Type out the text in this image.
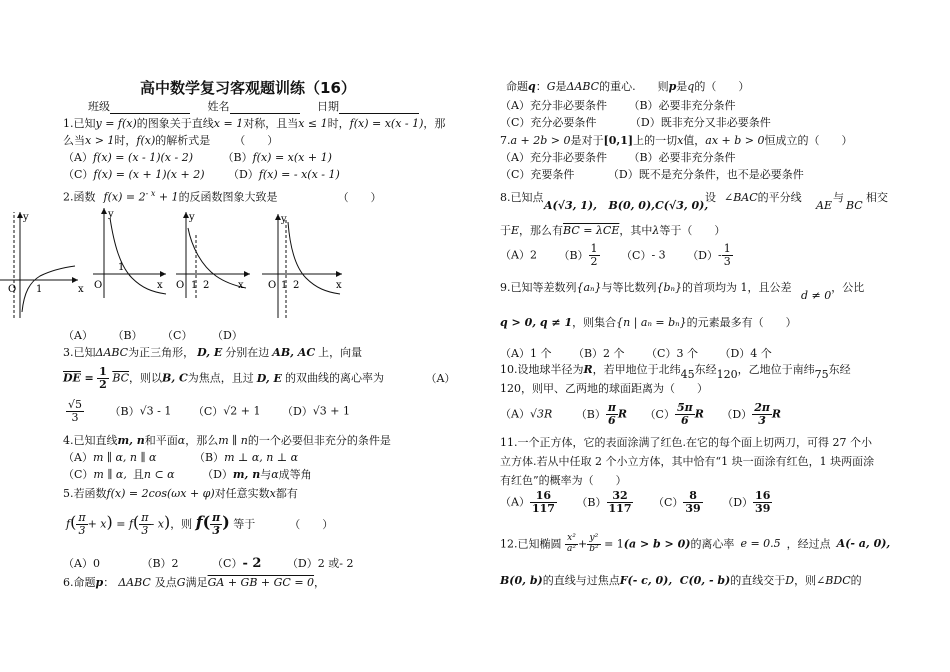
高中数学复习客观题训练（16）
班级	姓名	日期
1.已知y = f(x)的图象关于直线x = 1对称，且当x ≤ 1时，f(x) = x(x - 1)，那
么当x > 1时，f(x)的解析式是 （　　）
（A）f(x) = (x - 1)(x - 2)	（B）f(x) = x(x + 1)
（C）f(x) = (x + 1)(x + 2) （D）f(x) = - x(x - 1)
2.函数 $f(x) = 2^{- x} + 1$的反函数图象大致是	（　　）
y
x
O 1
y
x
O
1
y
x
O 1 2
y
x
O 1 2
（A） （B） （C） （D）
3.已知ΔABC为正三角形， D, E 分别在边 AB, AC 上，向量
$\overline{DE} = \frac{1}{2} \overline{BC}$，则以B, C为焦点，且过 D, E 的双曲线的离心率为	（A）
$\frac{√5}{3} (B)√3 - 1$ （C）√2 + 1 （D）√3 + 1
4.已知直线m, n和平面α，那么m ∥ n的一个必要但非充分的条件是
（A）m ∥ α, n ∥ α	（B）m ⊥ α, n ⊥ α
（C）m ∥ α, 且n ⊂ α	（D）m, n与α成等角
5.若函数f(x) = 2cos(ωx + φ)对任意实数x都有
$f( \frac{\pi}{3} + x) = f( \frac{\pi}{3} - x)$，则 $f( \frac{\pi}{3}$ ) 等于	（　　）
（A）0	（B）2	（C）- 2 （D）2 或- 2
6.命题p： ΔABC 及点G满足GA + GB + GC = 0，
命题q：G是ΔABC的重心.　　则p是q的（　　）
（A）充分非必要条件 （B）必要非充分条件
（C）充分必要条件	（D）既非充分又非必要条件
7.a + 2b > 0是对于[0,1]上的一切x值，ax + b > 0恒成立的（　　）
（A）充分非必要条件 （B）必要非充分条件
（C）充要条件	（D）既不是充分条件，也不是必要条件
8.已知点
A(√3, 1), B(0, 0),C(√3, 0),
设 ∠BAC的平分线
AE
与
BC
相交
于E，那么有BC = λCE，其中λ等于（　　）
（A）2 $(B) \frac{1}{2} (C)-$ 3 $(D)- \frac{1}{3}$
9.已知等差数列{aₙ}与等比数列{bₙ}的首项均为 1，且公差 d ≠ 0，公比
q > 0, q ≠ 1，则集合{n | aₙ = bₙ}的元素最多有（　　）
（A）1 个 （B）2 个 （C）3 个 （D）4 个
10.设地球半径为R，若甲地位于北纬45东经120，乙地位于南纬75东经
120，则甲、乙两地的球面距离为（　　）
（A）√3R $(B) \frac{\pi}{6}$ R $(C) \frac{5\pi}{6}$ R $(D) \frac{2\pi}{3}$ R
11.一个正方体，它的表面涂满了红色.在它的每个面上切两刀，可得 27 个小
立方体.若从中任取 2 个小立方体，其中恰有“1 块一面涂有红色，1 块两面涂
有红色”的概率为（　　）
$(A) \frac{16}{117} (B) \frac{32}{117} (C) \frac{8}{39} (D) \frac{16}{39}$
12.已知椭圆 $\frac{\text{x²}}{\text{a²}} + \frac{\text{y²}}{\text{b²}} = 1(a > b > 0)$的离心率 e = 0.5 ，经过点 A(- a, 0),
B(0, b)的直线与过焦点F(- c, 0), C(0, - b)的直线交于D，则∠BDC的
